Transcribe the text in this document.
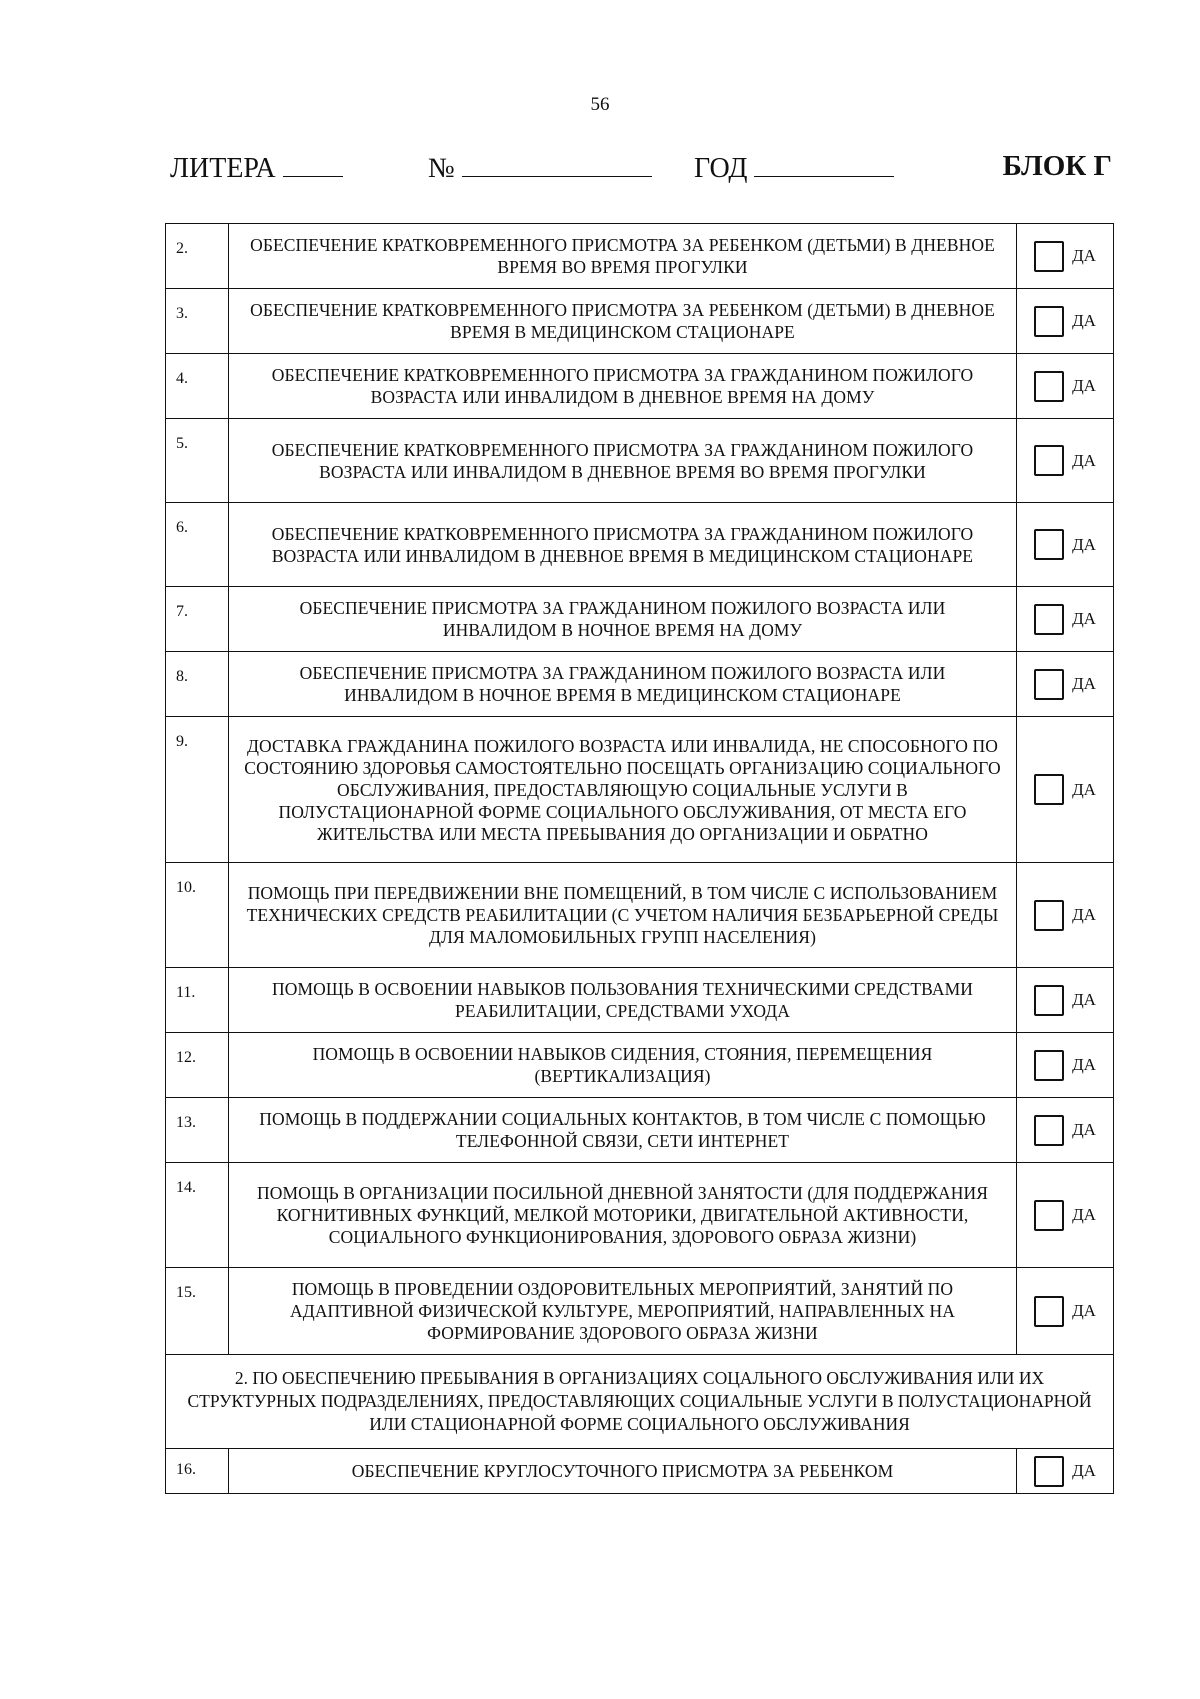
56
ЛИТЕРА	№	ГОД	БЛОК Г
2.	ОБЕСПЕЧЕНИЕ КРАТКОВРЕМЕННОГО ПРИСМОТРА ЗА РЕБЕНКОМ (ДЕТЬМИ) В ДНЕВНОЕ ВРЕМЯ ВО ВРЕМЯ ПРОГУЛКИ	ДА

3.	ОБЕСПЕЧЕНИЕ КРАТКОВРЕМЕННОГО ПРИСМОТРА ЗА РЕБЕНКОМ (ДЕТЬМИ) В ДНЕВНОЕ ВРЕМЯ В МЕДИЦИНСКОМ СТАЦИОНАРЕ	ДА

4.	ОБЕСПЕЧЕНИЕ КРАТКОВРЕМЕННОГО ПРИСМОТРА ЗА ГРАЖДАНИНОМ ПОЖИЛОГО ВОЗРАСТА ИЛИ ИНВАЛИДОМ В ДНЕВНОЕ ВРЕМЯ НА ДОМУ	ДА

5.	ОБЕСПЕЧЕНИЕ КРАТКОВРЕМЕННОГО ПРИСМОТРА ЗА ГРАЖДАНИНОМ ПОЖИЛОГО ВОЗРАСТА ИЛИ ИНВАЛИДОМ В ДНЕВНОЕ ВРЕМЯ ВО ВРЕМЯ ПРОГУЛКИ	ДА

6.	ОБЕСПЕЧЕНИЕ КРАТКОВРЕМЕННОГО ПРИСМОТРА ЗА ГРАЖДАНИНОМ ПОЖИЛОГО ВОЗРАСТА ИЛИ ИНВАЛИДОМ В ДНЕВНОЕ ВРЕМЯ В МЕДИЦИНСКОМ СТАЦИОНАРЕ	ДА

7.	ОБЕСПЕЧЕНИЕ ПРИСМОТРА ЗА ГРАЖДАНИНОМ ПОЖИЛОГО ВОЗРАСТА ИЛИ ИНВАЛИДОМ В НОЧНОЕ ВРЕМЯ НА ДОМУ	ДА

8.	ОБЕСПЕЧЕНИЕ ПРИСМОТРА ЗА ГРАЖДАНИНОМ ПОЖИЛОГО ВОЗРАСТА ИЛИ ИНВАЛИДОМ В НОЧНОЕ ВРЕМЯ В МЕДИЦИНСКОМ СТАЦИОНАРЕ	ДА

9.	ДОСТАВКА ГРАЖДАНИНА ПОЖИЛОГО ВОЗРАСТА ИЛИ ИНВАЛИДА, НЕ СПОСОБНОГО ПО СОСТОЯНИЮ ЗДОРОВЬЯ САМОСТОЯТЕЛЬНО ПОСЕЩАТЬ ОРГАНИЗАЦИЮ СОЦИАЛЬНОГО ОБСЛУЖИВАНИЯ, ПРЕДОСТАВЛЯЮЩУЮ СОЦИАЛЬНЫЕ УСЛУГИ В ПОЛУСТАЦИОНАРНОЙ ФОРМЕ СОЦИАЛЬНОГО ОБСЛУЖИВАНИЯ, ОТ МЕСТА ЕГО ЖИТЕЛЬСТВА ИЛИ МЕСТА ПРЕБЫВАНИЯ ДО ОРГАНИЗАЦИИ И ОБРАТНО	ДА

10.	ПОМОЩЬ ПРИ ПЕРЕДВИЖЕНИИ ВНЕ ПОМЕЩЕНИЙ, В ТОМ ЧИСЛЕ С ИСПОЛЬЗОВАНИЕМ ТЕХНИЧЕСКИХ СРЕДСТВ РЕАБИЛИТАЦИИ (С УЧЕТОМ НАЛИЧИЯ БЕЗБАРЬЕРНОЙ СРЕДЫ ДЛЯ МАЛОМОБИЛЬНЫХ ГРУПП НАСЕЛЕНИЯ)	ДА

11.	ПОМОЩЬ В ОСВОЕНИИ НАВЫКОВ ПОЛЬЗОВАНИЯ ТЕХНИЧЕСКИМИ СРЕДСТВАМИ РЕАБИЛИТАЦИИ, СРЕДСТВАМИ УХОДА	ДА

12.	ПОМОЩЬ В ОСВОЕНИИ НАВЫКОВ СИДЕНИЯ, СТОЯНИЯ, ПЕРЕМЕЩЕНИЯ (ВЕРТИКАЛИЗАЦИЯ)	ДА

13.	ПОМОЩЬ В ПОДДЕРЖАНИИ СОЦИАЛЬНЫХ КОНТАКТОВ, В ТОМ ЧИСЛЕ С ПОМОЩЬЮ ТЕЛЕФОННОЙ СВЯЗИ, СЕТИ ИНТЕРНЕТ	ДА

14.	ПОМОЩЬ В ОРГАНИЗАЦИИ ПОСИЛЬНОЙ ДНЕВНОЙ ЗАНЯТОСТИ (ДЛЯ ПОДДЕРЖАНИЯ КОГНИТИВНЫХ ФУНКЦИЙ, МЕЛКОЙ МОТОРИКИ, ДВИГАТЕЛЬНОЙ АКТИВНОСТИ, СОЦИАЛЬНОГО ФУНКЦИОНИРОВАНИЯ, ЗДОРОВОГО ОБРАЗА ЖИЗНИ)	ДА

15.	ПОМОЩЬ В ПРОВЕДЕНИИ ОЗДОРОВИТЕЛЬНЫХ МЕРОПРИЯТИЙ, ЗАНЯТИЙ ПО АДАПТИВНОЙ ФИЗИЧЕСКОЙ КУЛЬТУРЕ, МЕРОПРИЯТИЙ, НАПРАВЛЕННЫХ НА ФОРМИРОВАНИЕ ЗДОРОВОГО ОБРАЗА ЖИЗНИ	ДА

2. ПО ОБЕСПЕЧЕНИЮ ПРЕБЫВАНИЯ В ОРГАНИЗАЦИЯХ СОЦАЛЬНОГО ОБСЛУЖИВАНИЯ ИЛИ ИХ СТРУКТУРНЫХ ПОДРАЗДЕЛЕНИЯХ, ПРЕДОСТАВЛЯЮЩИХ СОЦИАЛЬНЫЕ УСЛУГИ В ПОЛУСТАЦИОНАРНОЙ ИЛИ СТАЦИОНАРНОЙ ФОРМЕ СОЦИАЛЬНОГО ОБСЛУЖИВАНИЯ		
16.	ОБЕСПЕЧЕНИЕ КРУГЛОСУТОЧНОГО ПРИСМОТРА ЗА РЕБЕНКОМ	ДА
